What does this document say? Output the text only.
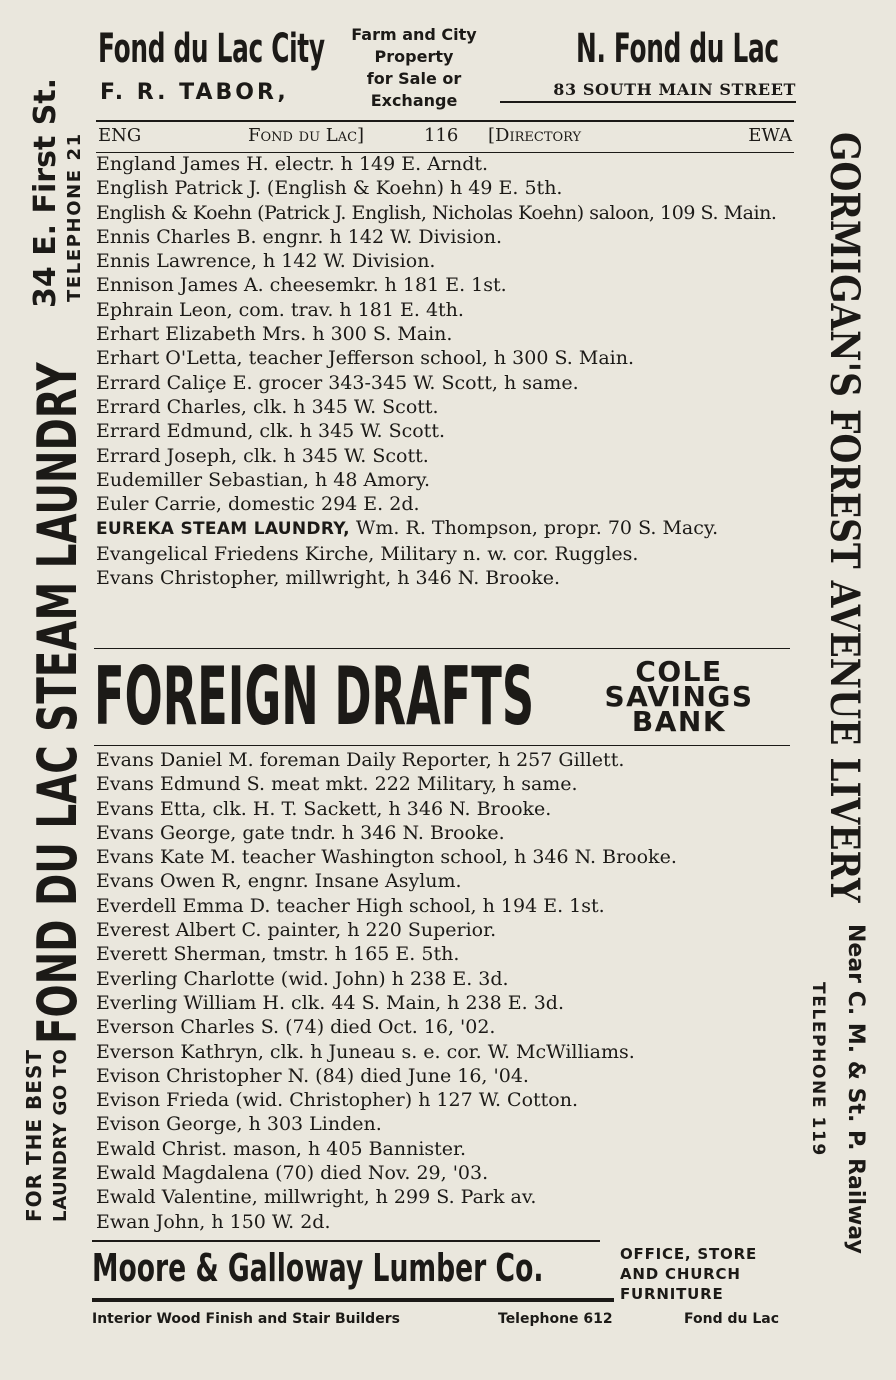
Fond du Lac City Farm and City Property
for Sale or Exchange
N. Fond du Lac
F. R. TABOR,	83 SOUTH MAIN STREET
ENG	Fond du Lac]	116 [Directory	EWA
England James H. electr. h 149 E. Arndt.
English Patrick J. (English & Koehn) h 49 E. 5th.
English & Koehn (Patrick J. English, Nicholas Koehn) saloon, 109 S. Main.
Ennis Charles B. engnr. h 142 W. Division.
Ennis Lawrence, h 142 W. Division.
Ennison James A. cheesemkr. h 181 E. 1st.
Ephrain Leon, com. trav. h 181 E. 4th.
Erhart Elizabeth Mrs. h 300 S. Main.
Erhart O'Letta, teacher Jefferson school, h 300 S. Main.
Errard Caliçe E. grocer 343-345 W. Scott, h same.
Errard Charles, clk. h 345 W. Scott.
Errard Edmund, clk. h 345 W. Scott.
Errard Joseph, clk. h 345 W. Scott.
Eudemiller Sebastian, h 48 Amory.
Euler Carrie, domestic 294 E. 2d.
EUREKA STEAM LAUNDRY, Wm. R. Thompson, propr. 70 S. Macy.
Evangelical Friedens Kirche, Military n. w. cor. Ruggles.
Evans Christopher, millwright, h 346 N. Brooke.
FOREIGN DRAFTS	COLE
SAVINGS
BANK
Evans Daniel M. foreman Daily Reporter, h 257 Gillett.
Evans Edmund S. meat mkt. 222 Military, h same.
Evans Etta, clk. H. T. Sackett, h 346 N. Brooke.
Evans George, gate tndr. h 346 N. Brooke.
Evans Kate M. teacher Washington school, h 346 N. Brooke.
Evans Owen R, engnr. Insane Asylum.
Everdell Emma D. teacher High school, h 194 E. 1st.
Everest Albert C. painter, h 220 Superior.
Everett Sherman, tmstr. h 165 E. 5th.
Everling Charlotte (wid. John) h 238 E. 3d.
Everling William H. clk. 44 S. Main, h 238 E. 3d.
Everson Charles S. (74) died Oct. 16, '02.
Everson Kathryn, clk. h Juneau s. e. cor. W. McWilliams.
Evison Christopher N. (84) died June 16, '04.
Evison Frieda (wid. Christopher) h 127 W. Cotton.
Evison George, h 303 Linden.
Ewald Christ. mason, h 405 Bannister.
Ewald Magdalena (70) died Nov. 29, '03.
Ewald Valentine, millwright, h 299 S. Park av.
Ewan John, h 150 W. 2d.
Moore & Galloway Lumber Co.	OFFICE, STORE
AND CHURCH
FURNITURE
Interior Wood Finish and Stair Builders	Telephone 612	Fond du Lac
FOR THE BEST LAUNDRY GO TO
FOND DU LAC STEAM LAUNDRY
34 E. First St. TELEPHONE 21	GORMIGAN'S FOREST AVENUE LIVERY
Near C. M. & St. P. Railway
TELEPHONE 119
